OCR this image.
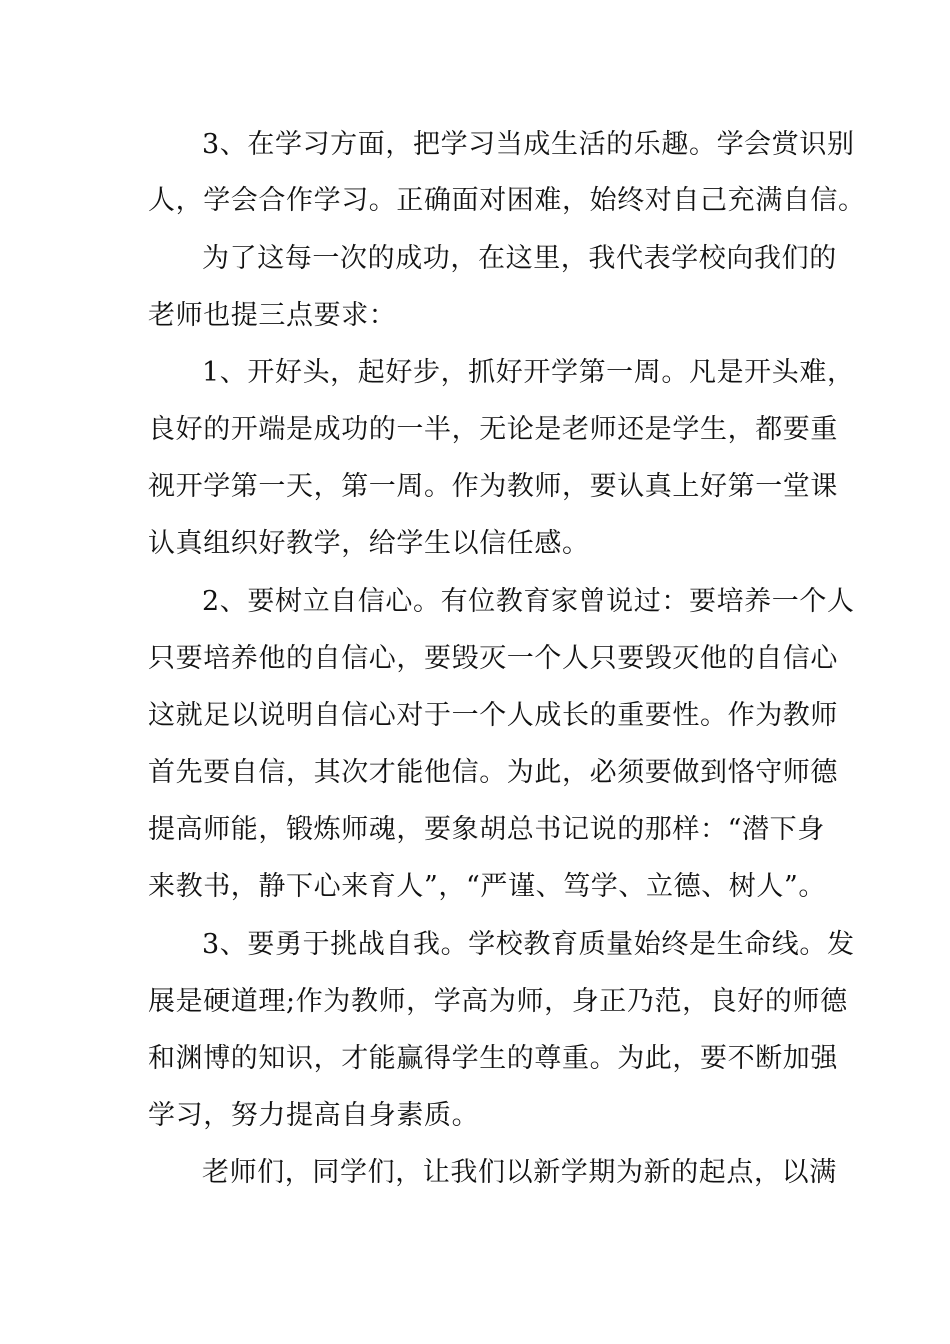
3、在学习方面，把学习当成生活的乐趣。学会赏识别
人，学会合作学习。正确面对困难，始终对自己充满自信。
为了这每一次的成功，在这里，我代表学校向我们的
老师也提三点要求：
1、开好头，起好步，抓好开学第一周。凡是开头难，
良好的开端是成功的一半，无论是老师还是学生，都要重
视开学第一天，第一周。作为教师，要认真上好第一堂课
认真组织好教学，给学生以信任感。
2、要树立自信心。有位教育家曾说过：要培养一个人
只要培养他的自信心，要毁灭一个人只要毁灭他的自信心
这就足以说明自信心对于一个人成长的重要性。作为教师
首先要自信，其次才能他信。为此，必须要做到恪守师德
提高师能，锻炼师魂，要象胡总书记说的那样：“潜下身
来教书，静下心来育人”，“严谨、笃学、立德、树人”。
3、要勇于挑战自我。学校教育质量始终是生命线。发
展是硬道理;作为教师，学高为师，身正乃范，良好的师德
和渊博的知识，才能赢得学生的尊重。为此，要不断加强
学习，努力提高自身素质。
老师们，同学们，让我们以新学期为新的起点，以满
